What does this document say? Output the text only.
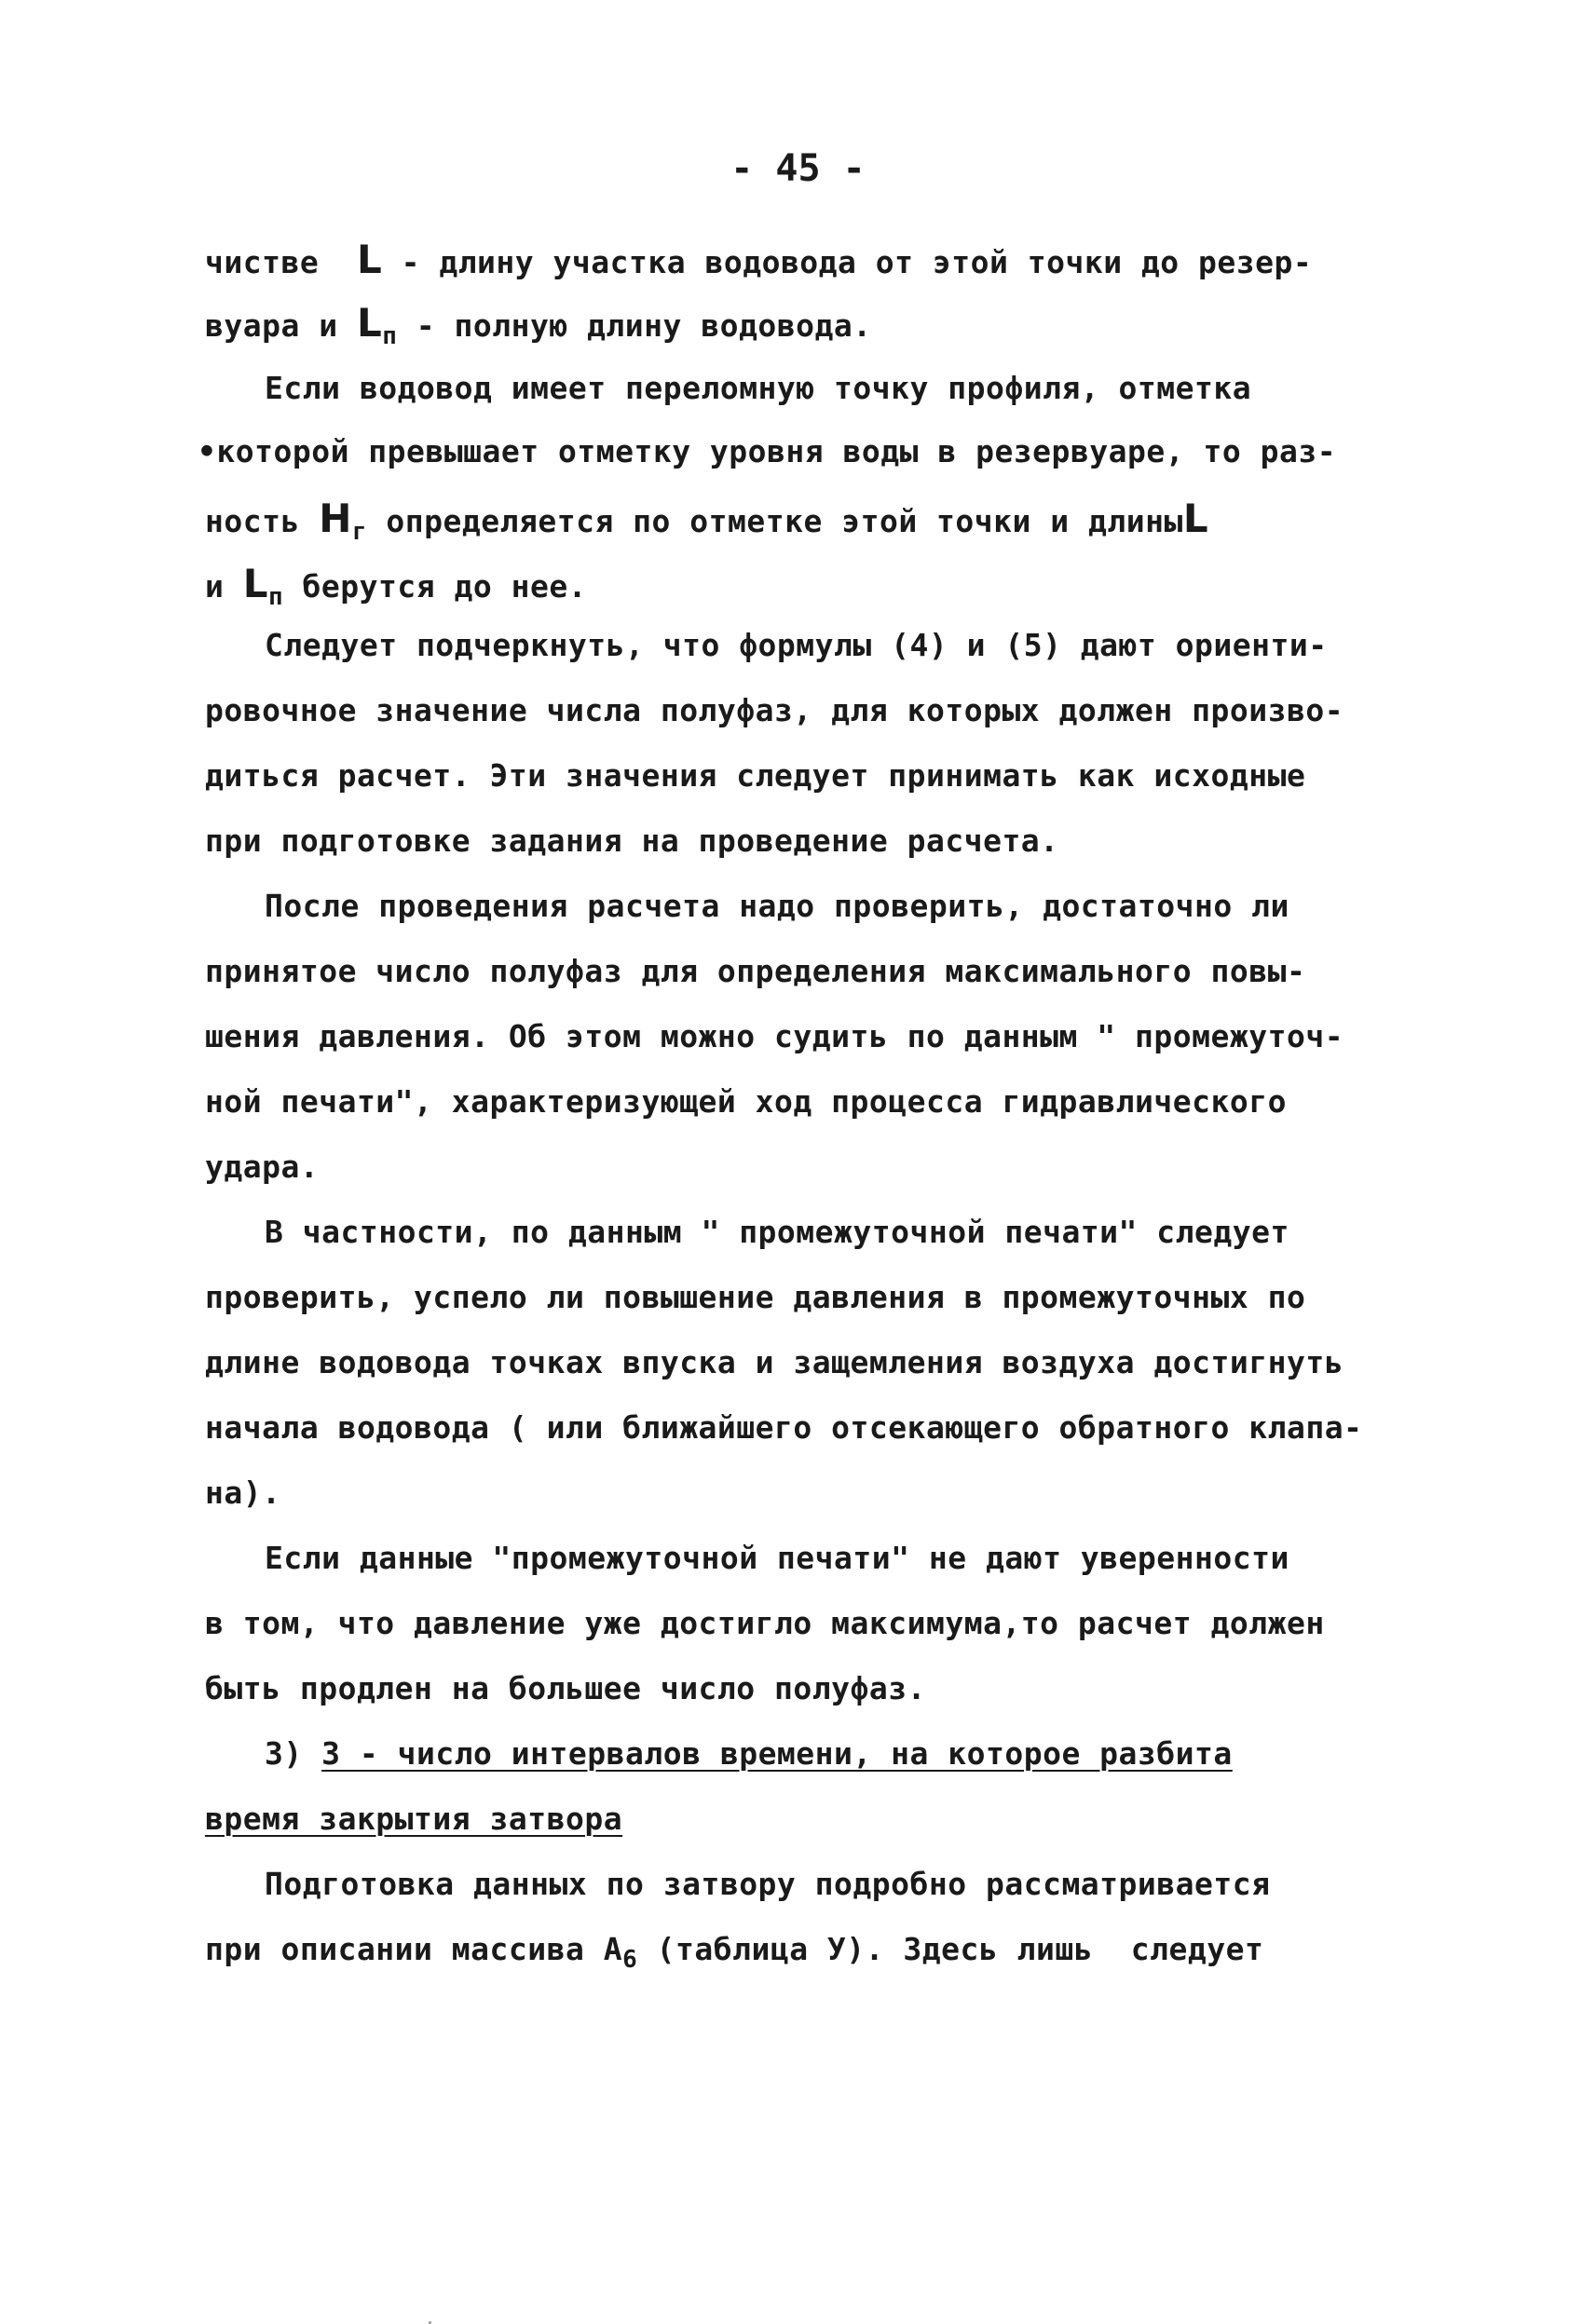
- 45 -
чистве  L - длину участка водовода от этой точки до резер-
вуара и $L_п$ - полную длину водовода.
Если водовод имеет переломную точку профиля, отметка
•которой превышает отметку уровня воды в резервуаре, то раз-
ность $H_г$ определяется по отметке этой точки и длиныL
и $L_п$ берутся до нее.
Следует подчеркнуть, что формулы (4) и (5) дают ориенти-
ровочное значение числа полуфаз, для которых должен произво-
диться расчет. Эти значения следует принимать как исходные
при подготовке задания на проведение расчета.
После проведения расчета надо проверить, достаточно ли
принятое число полуфаз для определения максимального повы-
шения давления. Об этом можно судить по данным " промежуточ-
ной печати", характеризующей ход процесса гидравлического
удара.
В частности, по данным " промежуточной печати" следует
проверить, успело ли повышение давления в промежуточных по
длине водовода точках впуска и защемления воздуха достигнуть
начала водовода ( или ближайшего отсекающего обратного клапа-
на).
Если данные "промежуточной печати" не дают уверенности
в том, что давление уже достигло максимума,то расчет должен
быть продлен на большее число полуфаз.
3) 3 - число интервалов времени, на которое разбита
время закрытия затвора
Подготовка данных по затвору подробно рассматривается
при описании массива $А_6$ (таблица У). Здесь лишь  следует
